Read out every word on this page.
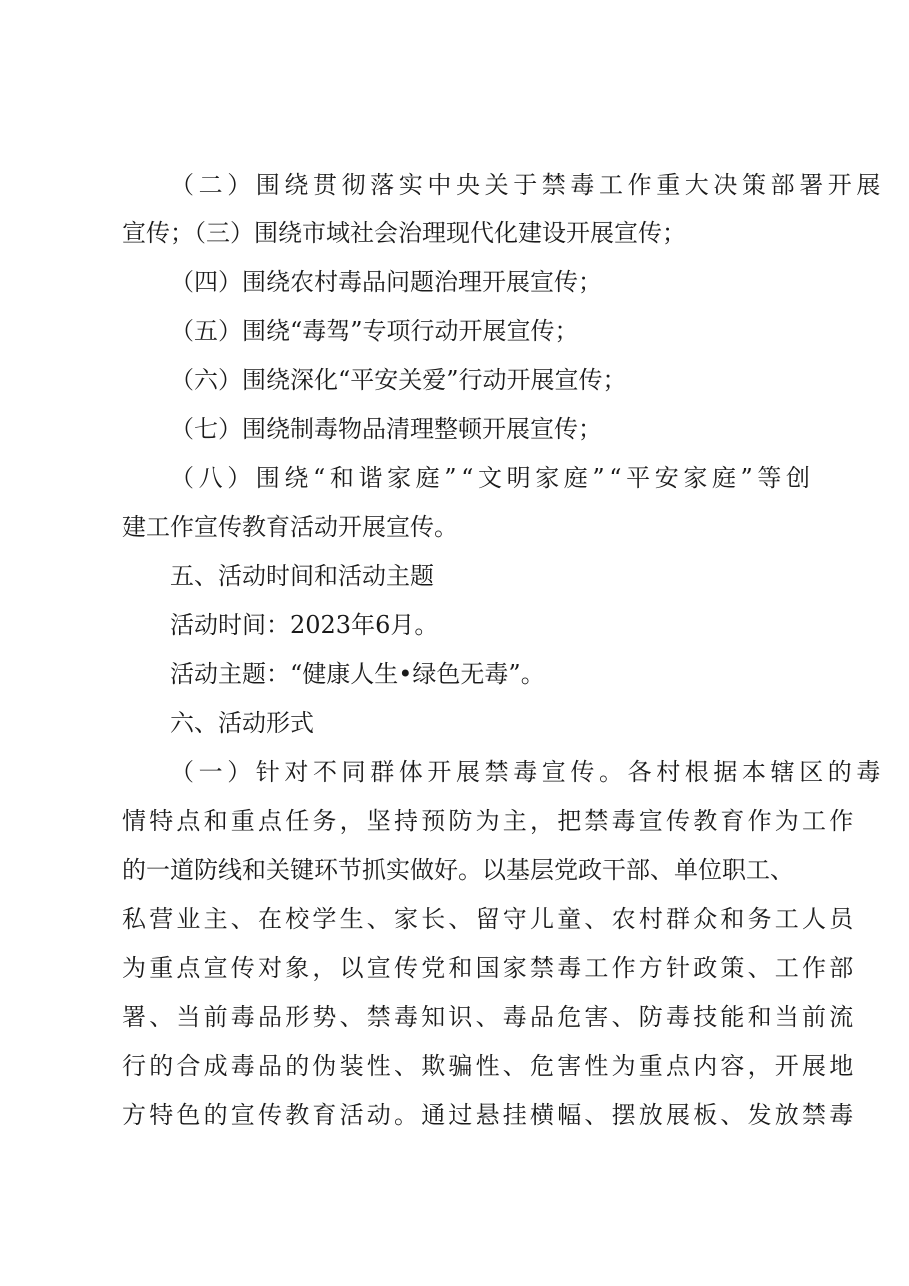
（二）围绕贯彻落实中央关于禁毒工作重大决策部署开展
宣传；（三）围绕市域社会治理现代化建设开展宣传；
（四）围绕农村毒品问题治理开展宣传；
（五）围绕“毒驾”专项行动开展宣传；
（六）围绕深化“平安关爱”行动开展宣传；
（七）围绕制毒物品清理整顿开展宣传；
（八）围绕“和谐家庭”“文明家庭”“平安家庭”等创
建工作宣传教育活动开展宣传。
五、活动时间和活动主题
活动时间：2023年6月。
活动主题：“健康人生•绿色无毒”。
六、活动形式
（一）针对不同群体开展禁毒宣传。各村根据本辖区的毒
情特点和重点任务，坚持预防为主，把禁毒宣传教育作为工作
的一道防线和关键环节抓实做好。以基层党政干部、单位职工、
私营业主、在校学生、家长、留守儿童、农村群众和务工人员
为重点宣传对象，以宣传党和国家禁毒工作方针政策、工作部
署、当前毒品形势、禁毒知识、毒品危害、防毒技能和当前流
行的合成毒品的伪装性、欺骗性、危害性为重点内容，开展地
方特色的宣传教育活动。通过悬挂横幅、摆放展板、发放禁毒
